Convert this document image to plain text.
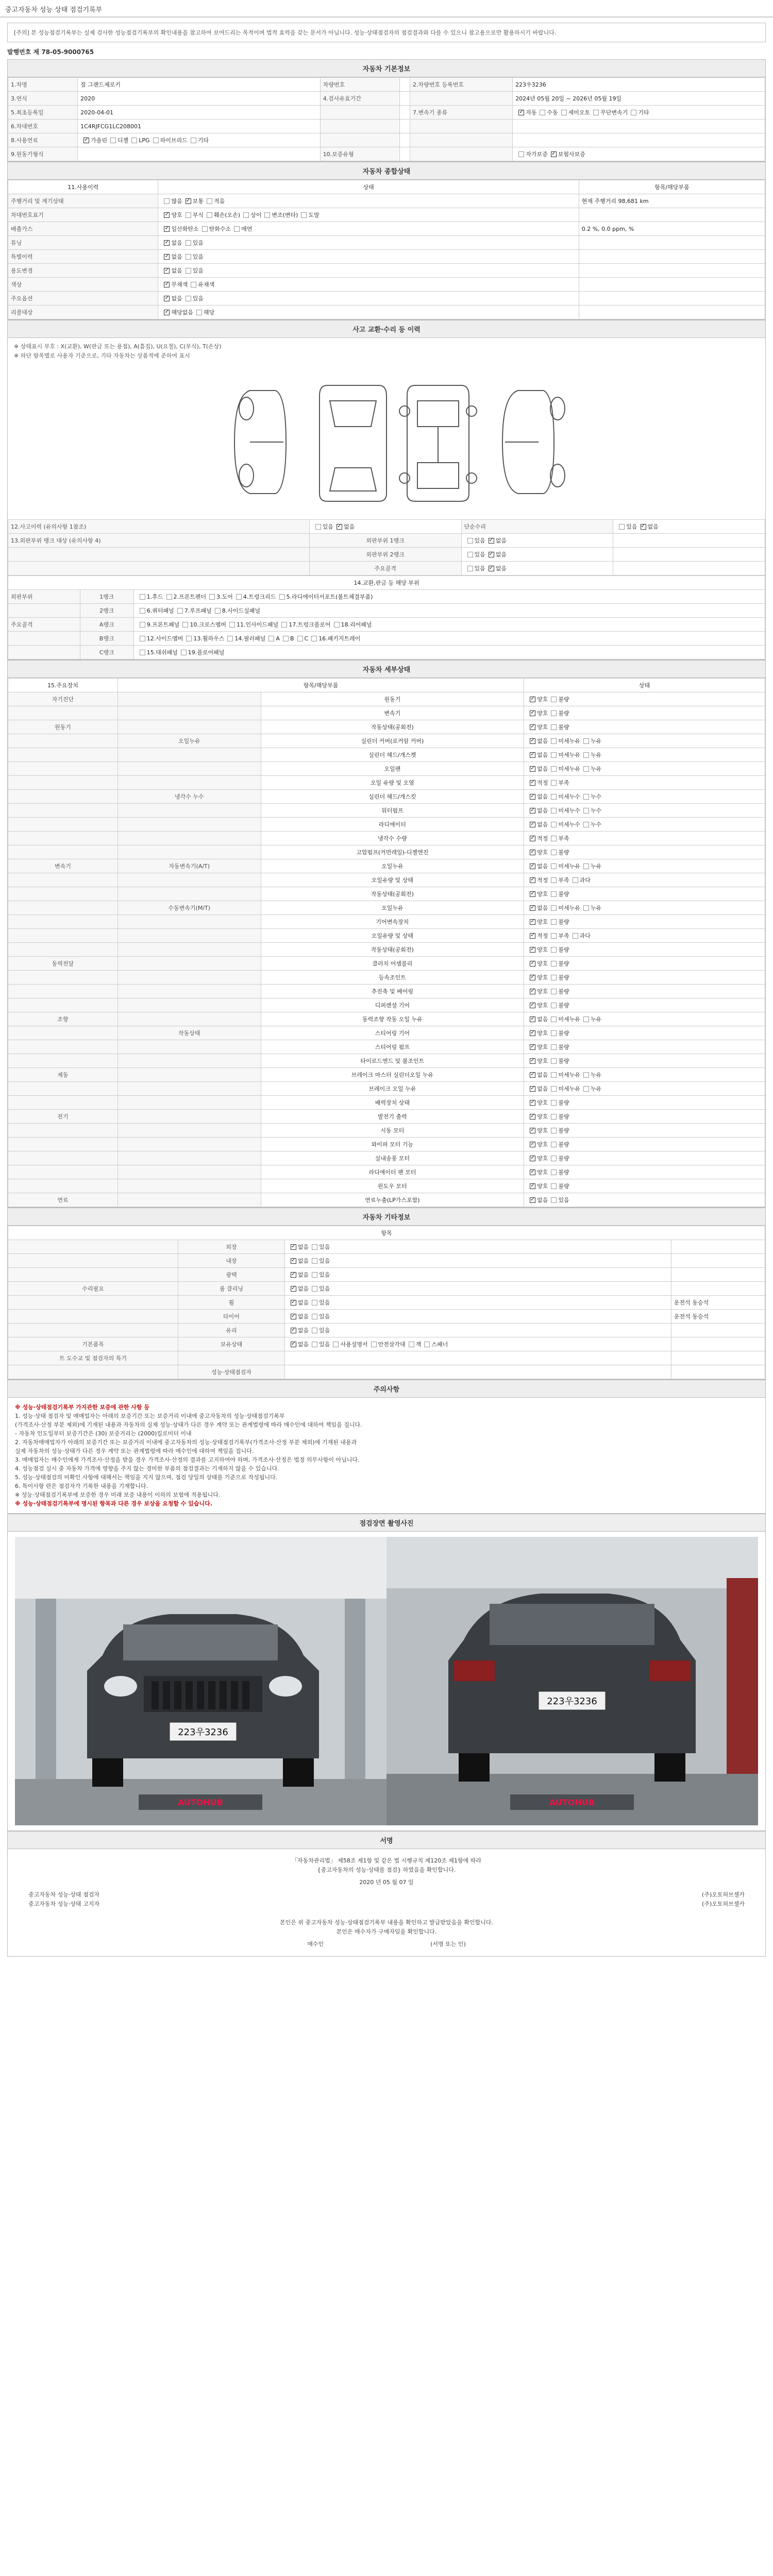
중고자동차 성능 상태 점검기록부
[주의] 본 성능점검기록부는 실제 검사한 성능점검기록부의 확인내용을 참고하여 보여드리는 목적이며 법적 효력을 갖는 문서가 아닙니다. 성능·상태점검자의 점검결과와 다를 수 있으니 참고용으로만 활용하시기 바랍니다.
발행번호 제 78-05-9000765
자동차 기본정보
1.차명	짚 그랜드체로키	차량번호		2.차량번호 등록번호	223우3236
3.연식	2020	4.검사유효기간			2024년 05월 20일 ~ 2026년 05월 19일
5.최초등록일	2020-04-01			7.변속기 종류	✓자동 수동 세미오토 무단변속기 기타
6.차대번호	1C4RJFCG1LC208001				
8.사용연료	✓가솔린 디젤 LPG 하이브리드 기타				
9.원동기형식		10.보증유형			자가보증 ✓ 보험사보증
자동차 종합상태
11.사용이력	상태	항목/해당부품
주행거리 및 계기상태	많음 ✓ 보통 적음	현재 주행거리 98,681 km
차대번호표기	✓양호 부식 훼손(오손) 상이 변조(변타) 도말	
배출가스	✓일산화탄소 탄화수소 매연	0.2 %, 0.0 ppm, %
튜닝	✓없음 있음	
특별이력	✓없음 있음	
용도변경	✓없음 있음	
색상	✓무채색 유채색	
주요옵션	✓없음 있음	
리콜대상	✓해당없음 해당	
사고 교환·수리 등 이력
※ 상태표시 부호 : X(교환), W(판금 또는 용접), A(흠집), U(요철), C(부식), T(손상)
※ 하단 항목별로 사용자 기준으로, 기타 자동차는 상품적에 준하여 표시
12.사고이력 (유의사항 1참조)	있음 ✓ 없음	단순수리	있음 ✓ 없음
13.외판부위 랭크 대상 (유의사항 4)	외판부위 1랭크	있음 ✓ 없음	
	외판부위 2랭크	있음 ✓ 없음	
	주요골격	있음 ✓ 없음	
14.교환,판금 등 해당 부위		
외판부위	1랭크	1.후드 2.프론트펜더 3.도어 4.트렁크리드 5.라디에이터서포트(볼트체결부품)
	2랭크	6.쿼터패널 7.루프패널 8.사이드실패널
주요골격	A랭크	9.프론트패널 10.크로스멤버 11.인사이드패널 17.트렁크플로어 18.리어패널
	B랭크	12.사이드멤버 13.휠하우스 14.필러패널 A B C 16.패키지트레이
	C랭크	15.대쉬패널 19.플로어패널
자동차 세부상태
15.주요장치	항목/해당부품		상태
자기진단		원동기	✓양호 불량
		변속기	✓양호 불량
원동기		작동상태(공회전)	✓양호 불량
	오일누유	실린더 커버(로커암 커버)	✓없음 미세누유 누유
		실린더 헤드/개스켓	✓없음 미세누유 누유
		오일팬	✓없음 미세누유 누유
		오일 유량 및 오염	✓적정 부족
	냉각수 누수	실린더 헤드/개스킷	✓없음 미세누수 누수
		워터펌프	✓없음 미세누수 누수
		라디에이터	✓없음 미세누수 누수
		냉각수 수량	✓적정 부족
		고압펌프(커먼레일)-디젤엔진	✓양호 불량
변속기	자동변속기(A/T)	오일누유	✓없음 미세누유 누유
		오일유량 및 상태	✓적정 부족 과다
		작동상태(공회전)	✓양호 불량
	수동변속기(M/T)	오일누유	✓없음 미세누유 누유
		기어변속장치	✓양호 불량
		오일유량 및 상태	✓적정 부족 과다
		작동상태(공회전)	✓양호 불량
동력전달		클러치 어셈블리	✓양호 불량
		등속조인트	✓양호 불량
		추진축 및 베어링	✓양호 불량
		디퍼렌셜 기어	✓양호 불량
조향		동력조향 작동 오일 누유	✓없음 미세누유 누유
	작동상태	스티어링 기어	✓양호 불량
		스티어링 펌프	✓양호 불량
		타이로드엔드 및 볼조인트	✓양호 불량
제동		브레이크 마스터 실린더오일 누유	✓없음 미세누유 누유
		브레이크 오일 누유	✓없음 미세누유 누유
		배력장치 상태	✓양호 불량
전기		발전기 출력	✓양호 불량
		시동 모터	✓양호 불량
		와이퍼 모터 기능	✓양호 불량
		실내송풍 모터	✓양호 불량
		라디에이터 팬 모터	✓양호 불량
		윈도우 모터	✓양호 불량
연료		연료누출(LP가스포함)	✓없음 있음
자동차 기타정보
항목			
	외장	✓없음 있음	
	내장	✓없음 있음	
	광택	✓없음 있음	
수리필요	룸 클리닝	✓없음 있음	
	휠	✓없음 있음	운전석 동승석
	타이어	✓없음 있음	운전석 동승석
	유리	✓없음 있음	
기본품목	보유상태	✓없음 있음 사용설명서 안전삼각대 잭 스패너	
트 도수교 및 점검자의 특기			
	성능·상태점검자		
주의사항
※ 성능·상태점검기록부 가지관한 보증에 관한 사항 등
1. 성능·상태 점검자 및 매매업자는 아래의 보증기간 또는 보증거리 이내에 중고자동차의 성능·상태점검기록부
(가격조사·산정 부분 제외)에 기재된 내용과 자동차의 실제 성능·상태가 다른 경우 계약 또는 관계법령에 따라 매수인에 대하여 책임을 집니다.
- 자동차 인도일부터 보증기간은 (30) 보증거리는 (2000)킬로미터 이내
2. 자동차매매업자가 아래의 보증기간 또는 보증거리 이내에 중고자동차의 성능·상태점검기록부(가격조사·산정 부분 제외)에 기재된 내용과
실제 자동차의 성능·상태가 다른 경우 계약 또는 관계법령에 따라 매수인에 대하여 책임을 집니다.
3. 매매업자는 매수인에게 가격조사·산정을 받을 경우 가격조사·산정의 결과를 고지하여야 하며, 가격조사·산정은 법정 의무사항이 아닙니다.
4. 성능점검 실시 중 자동차 가격에 영향을 주지 않는 경미한 부품의 점검결과는 기재하지 않을 수 있습니다.
5. 성능·상태점검의 미확인 사항에 대해서는 책임을 지지 않으며, 점검 당일의 상태를 기준으로 작성됩니다.
6. 특이사항 란은 점검자가 기록한 내용을 기재합니다.
※ 성능·상태점검기록부에 보증한 경우 미래 보증 내용이 이하의 보험에 적용됩니다.
※ 성능·상태점검기록부에 명시된 항목과 다른 경우 보상을 요청할 수 있습니다.
점검장면 촬영사진
223우3236
AUTOHUB
223우3236
AUTOHUB
서명
「자동차관리법」 제58조 제1항 및 같은 법 시행규칙 제120조 제1항에 따라
{중고자동차의 성능·상태를 점검} 하였음을 확인합니다.
2020 년 05 월 07 일
중고자동차 성능·상태 점검자	(주)오토허브셀카
중고자동차 성능·상태 고지자	(주)오토허브셀카
본인은 위 중고자동차 성능·상태점검기록부 내용을 확인하고 발급받았음을 확인합니다.
본인은 매수자가 구매자임을 확인합니다.
매수인	(서명 또는 인)
